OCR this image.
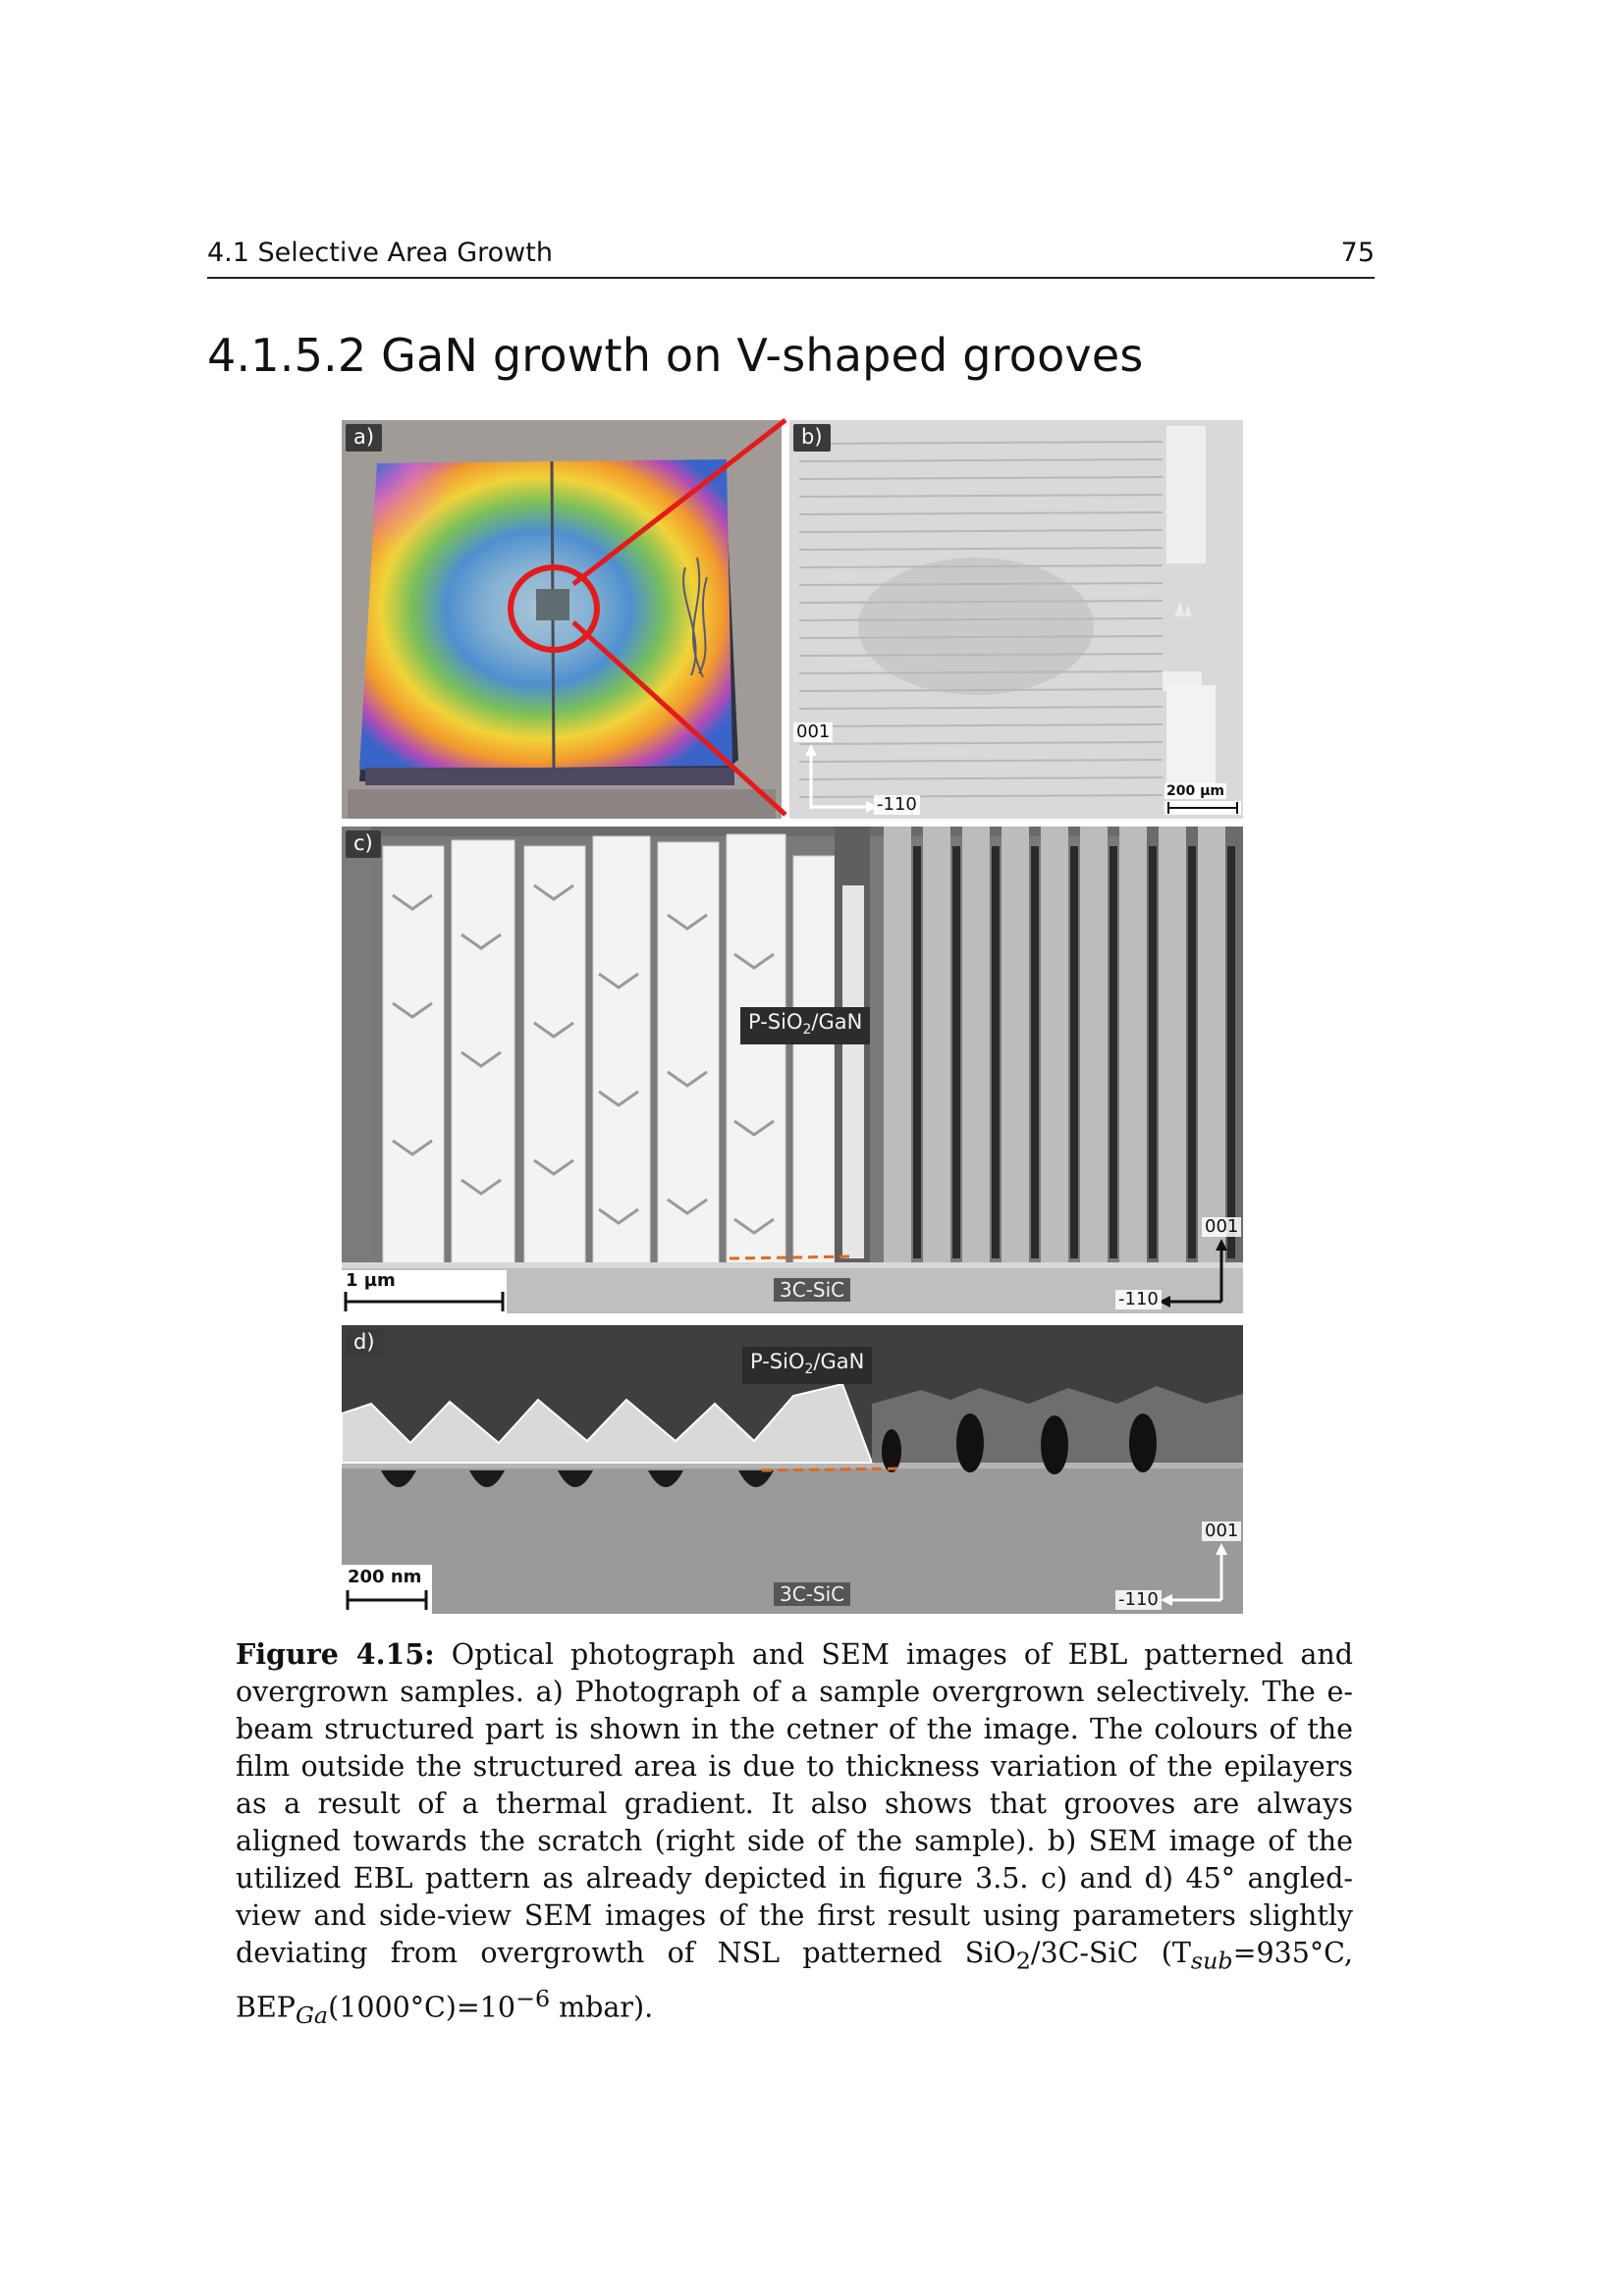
4.1 Selective Area Growth	75
4.1.5.2 GaN growth on V-shaped grooves
a)	b)
001
-110
200 µm
c)
P-SiO$_2$/GaN
3C-SiC
1 µm
001
-110
d)
P-SiO$_2$/GaN
3C-SiC
200 nm
001
-110
Figure 4.15: Optical photograph and SEM images of EBL patterned and overgrown samples. a) Photograph of a sample overgrown selectively. The e-beam structured part is shown in the cetner of the image. The colours of the film outside the structured area is due to thickness variation of the epilayers as a result of a thermal gradient. It also shows that grooves are always aligned towards the scratch (right side of the sample). b) SEM image of the utilized EBL pattern as already depicted in figure 3.5. c) and d) 45° angled-view and side-view SEM images of the first result using parameters slightly deviating from overgrowth of NSL patterned SiO$_2$/3C-SiC ($T_{sub}=935^\circ C$, $BEP_{Ga}(1000^\circ C)=10^{-6}$ mbar).
